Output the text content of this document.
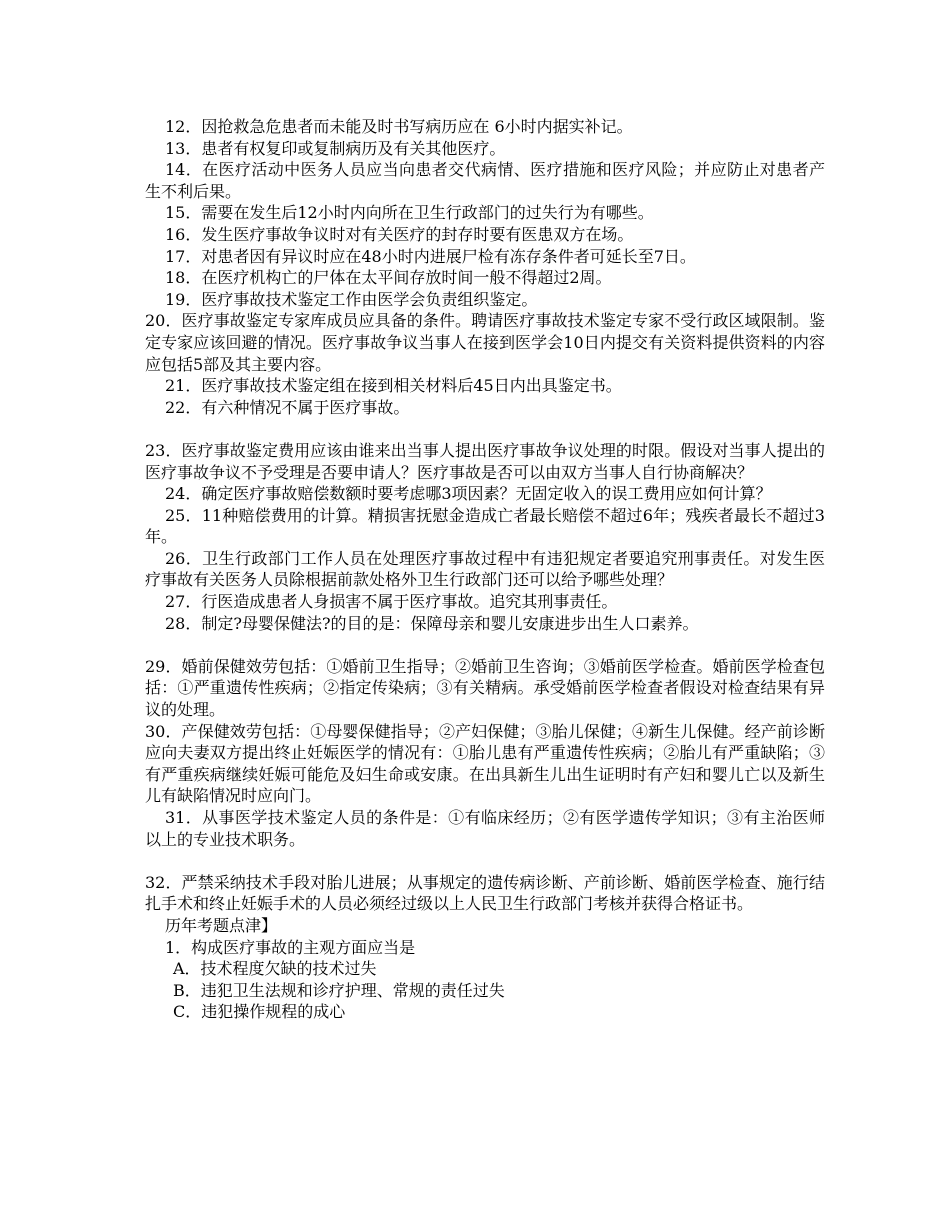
12．因抢救急危患者而未能及时书写病历应在 6小时内据实补记。

13．患者有权复印或复制病历及有关其他医疗。

14．在医疗活动中医务人员应当向患者交代病情、医疗措施和医疗风险；并应防止对患者产生不利后果。

15．需要在发生后12小时内向所在卫生行政部门的过失行为有哪些。

16．发生医疗事故争议时对有关医疗的封存时要有医患双方在场。

17．对患者因有异议时应在48小时内进展尸检有冻存条件者可延长至7日。

18．在医疗机构亡的尸体在太平间存放时间一般不得超过2周。

19．医疗事故技术鉴定工作由医学会负责组织鉴定。

20．医疗事故鉴定专家库成员应具备的条件。聘请医疗事故技术鉴定专家不受行政区域限制。鉴定专家应该回避的情况。医疗事故争议当事人在接到医学会10日内提交有关资料提供资料的内容应包括5部及其主要内容。

21．医疗事故技术鉴定组在接到相关材料后45日内出具鉴定书。

22．有六种情况不属于医疗事故。

23．医疗事故鉴定费用应该由谁来出当事人提出医疗事故争议处理的时限。假设对当事人提出的医疗事故争议不予受理是否要申请人？医疗事故是否可以由双方当事人自行协商解决？

24．确定医疗事故赔偿数额时要考虑哪3项因素？无固定收入的误工费用应如何计算？

25．11种赔偿费用的计算。精损害抚慰金造成亡者最长赔偿不超过6年；残疾者最长不超过3年。

26．卫生行政部门工作人员在处理医疗事故过程中有违犯规定者要追究刑事责任。对发生医疗事故有关医务人员除根据前款处格外卫生行政部门还可以给予哪些处理？

27．行医造成患者人身损害不属于医疗事故。追究其刑事责任。

28．制定?母婴保健法?的目的是：保障母亲和婴儿安康进步出生人口素养。

29．婚前保健效劳包括：①婚前卫生指导；②婚前卫生咨询；③婚前医学检查。婚前医学检查包括：①严重遗传性疾病；②指定传染病；③有关精病。承受婚前医学检查者假设对检查结果有异议的处理。

30．产保健效劳包括：①母婴保健指导；②产妇保健；③胎儿保健；④新生儿保健。经产前诊断应向夫妻双方提出终止妊娠医学的情况有：①胎儿患有严重遗传性疾病；②胎儿有严重缺陷；③有严重疾病继续妊娠可能危及妇生命或安康。在出具新生儿出生证明时有产妇和婴儿亡以及新生儿有缺陷情况时应向门。

31．从事医学技术鉴定人员的条件是：①有临床经历；②有医学遗传学知识；③有主治医师以上的专业技术职务。

32．严禁采纳技术手段对胎儿进展；从事规定的遗传病诊断、产前诊断、婚前医学检查、施行结扎手术和终止妊娠手术的人员必须经过级以上人民卫生行政部门考核并获得合格证书。

历年考题点津】

1．构成医疗事故的主观方面应当是

A．技术程度欠缺的技术过失

B．违犯卫生法规和诊疗护理、常规的责任过失

C．违犯操作规程的成心
